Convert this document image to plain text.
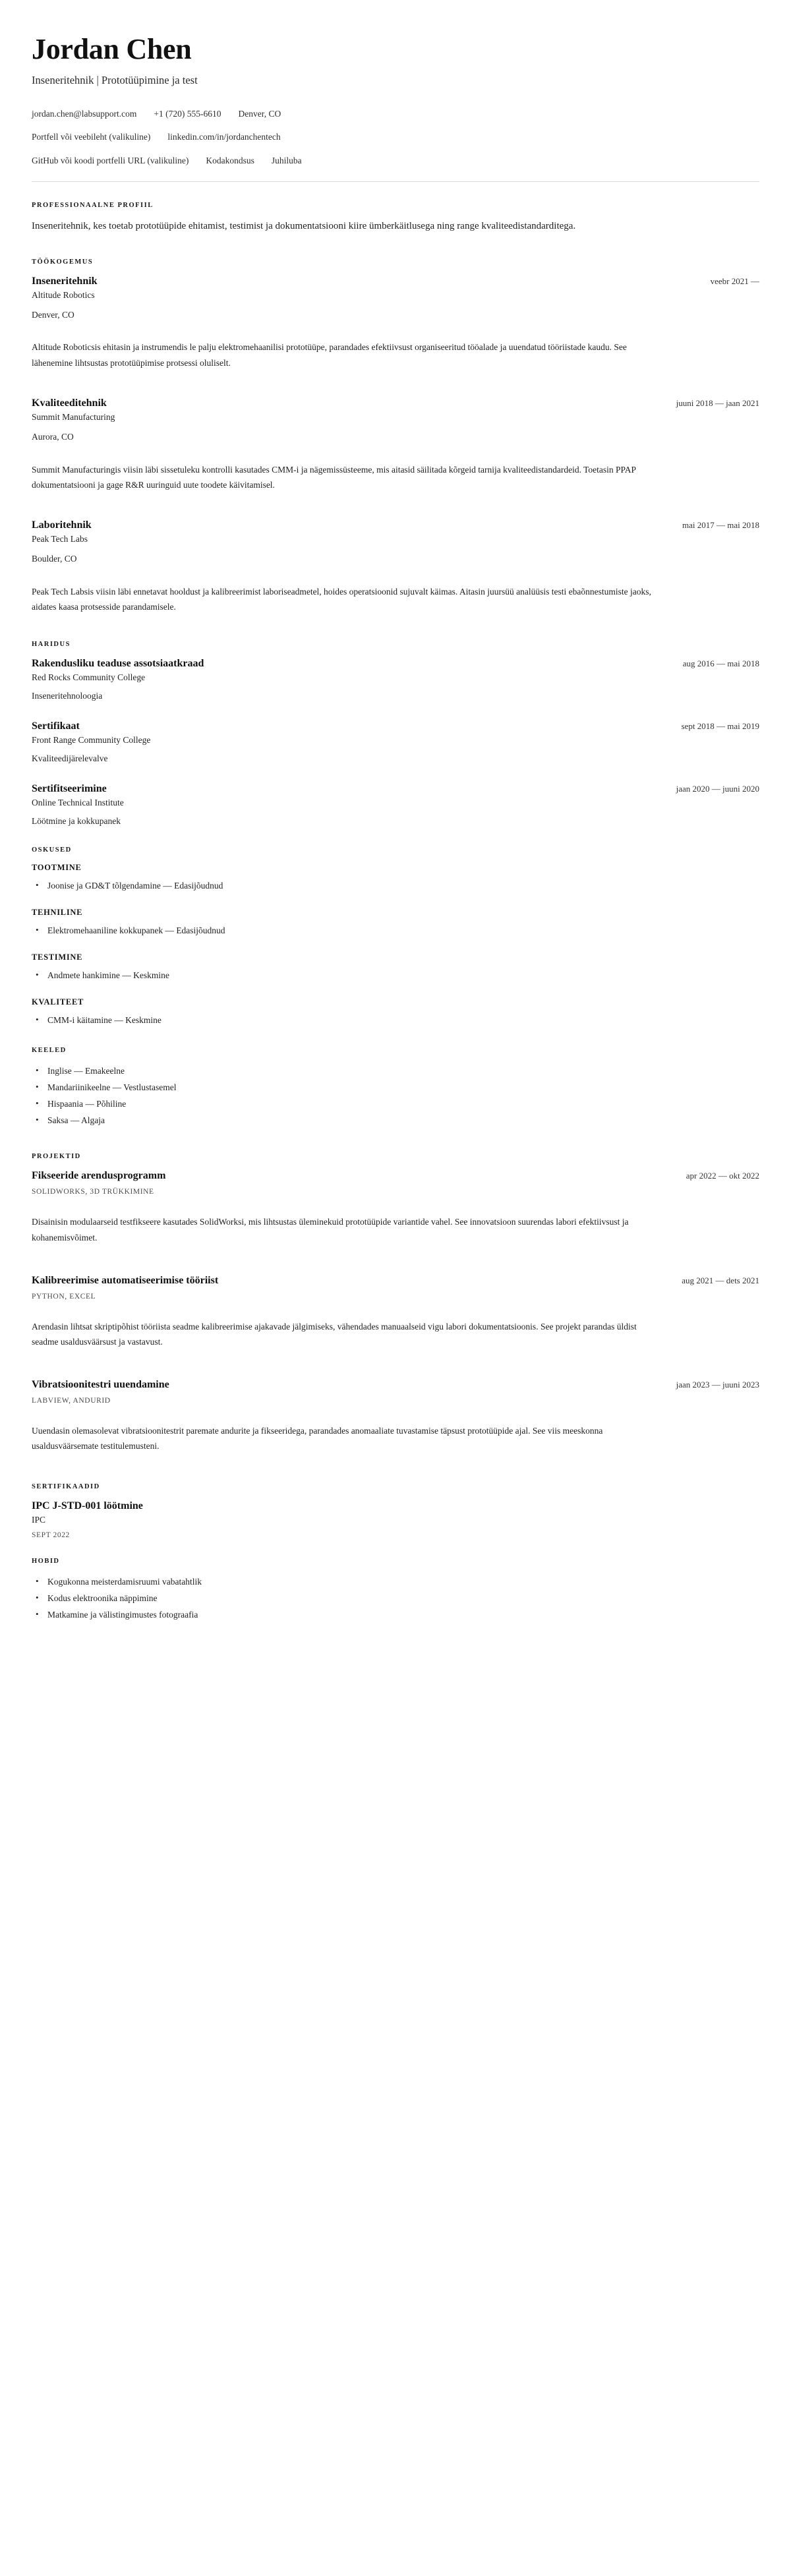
Jordan Chen
Inseneritehnik | Prototüüpimine ja test
jordan.chen@labsupport.com +1 (720) 555-6610 Denver, CO
Portfell või veebileht (valikuline) linkedin.com/in/jordanchentech
GitHub või koodi portfelli URL (valikuline) Kodakondsus Juhiluba
PROFESSIONAALNE PROFIIL

Inseneritehnik, kes toetab prototüüpide ehitamist, testimist ja dokumentatsiooni kiire ümberkäitlusega ning range kvaliteedistandarditega.

TÖÖKOGEMUS
Inseneritehnik	veebr 2021 —
Altitude Robotics
Denver, CO

Altitude Roboticsis ehitasin ja instrumendis le palju elektromehaanilisi prototüüpe, parandades efektiivsust organiseeritud tööalade ja uuendatud tööriistade kaudu. See lähenemine lihtsustas prototüüpimise protsessi oluliselt.

Kvaliteeditehnik	juuni 2018 — jaan 2021
Summit Manufacturing
Aurora, CO

Summit Manufacturingis viisin läbi sissetuleku kontrolli kasutades CMM-i ja nägemissüsteeme, mis aitasid säilitada kõrgeid tarnija kvaliteedistandardeid. Toetasin PPAP dokumentatsiooni ja gage R&R uuringuid uute toodete käivitamisel.

Laboritehnik	mai 2017 — mai 2018
Peak Tech Labs
Boulder, CO

Peak Tech Labsis viisin läbi ennetavat hooldust ja kalibreerimist laboriseadmetel, hoides operatsioonid sujuvalt käimas. Aitasin juursüü analüüsis testi ebaõnnestumiste jaoks, aidates kaasa protsesside parandamisele.

HARIDUS
Rakendusliku teaduse assotsiaatkraad	aug 2016 — mai 2018
Red Rocks Community College
Inseneritehnoloogia
Sertifikaat	sept 2018 — mai 2019
Front Range Community College
Kvaliteedijärelevalve
Sertifitseerimine	jaan 2020 — juuni 2020
Online Technical Institute
Löötmine ja kokkupanek
OSKUSED
TOOTMINE
• Joonise ja GD&T tõlgendamine — Edasijõudnud
TEHNILINE
• Elektromehaaniline kokkupanek — Edasijõudnud
TESTIMINE
• Andmete hankimine — Keskmine
KVALITEET
• CMM-i käitamine — Keskmine
KEELED
• Inglise — Emakeelne
• Mandariinikeelne — Vestlustasemel
• Hispaania — Põhiline
• Saksa — Algaja
PROJEKTID
Fikseeride arendusprogramm	apr 2022 — okt 2022
SOLIDWORKS, 3D TRÜKKIMINE

Disainisin modulaarseid testfikseere kasutades SolidWorksi, mis lihtsustas üleminekuid prototüüpide variantide vahel. See innovatsioon suurendas labori efektiivsust ja kohanemisvõimet.

Kalibreerimise automatiseerimise tööriist	aug 2021 — dets 2021
PYTHON, EXCEL

Arendasin lihtsat skriptipõhist tööriista seadme kalibreerimise ajakavade jälgimiseks, vähendades manuaalseid vigu labori dokumentatsioonis. See projekt parandas üldist seadme usaldusväärsust ja vastavust.

Vibratsioonitestri uuendamine	jaan 2023 — juuni 2023
LABVIEW, ANDURID

Uuendasin olemasolevat vibratsioonitestrit paremate andurite ja fikseeridega, parandades anomaaliate tuvastamise täpsust prototüüpide ajal. See viis meeskonna usaldusväärsemate testitulemusteni.

SERTIFIKAADID
IPC J-STD-001 löötmine
IPC
SEPT 2022
HOBID
• Kogukonna meisterdamisruumi vabatahtlik
• Kodus elektroonika näppimine
• Matkamine ja välistingimustes fotograafia
